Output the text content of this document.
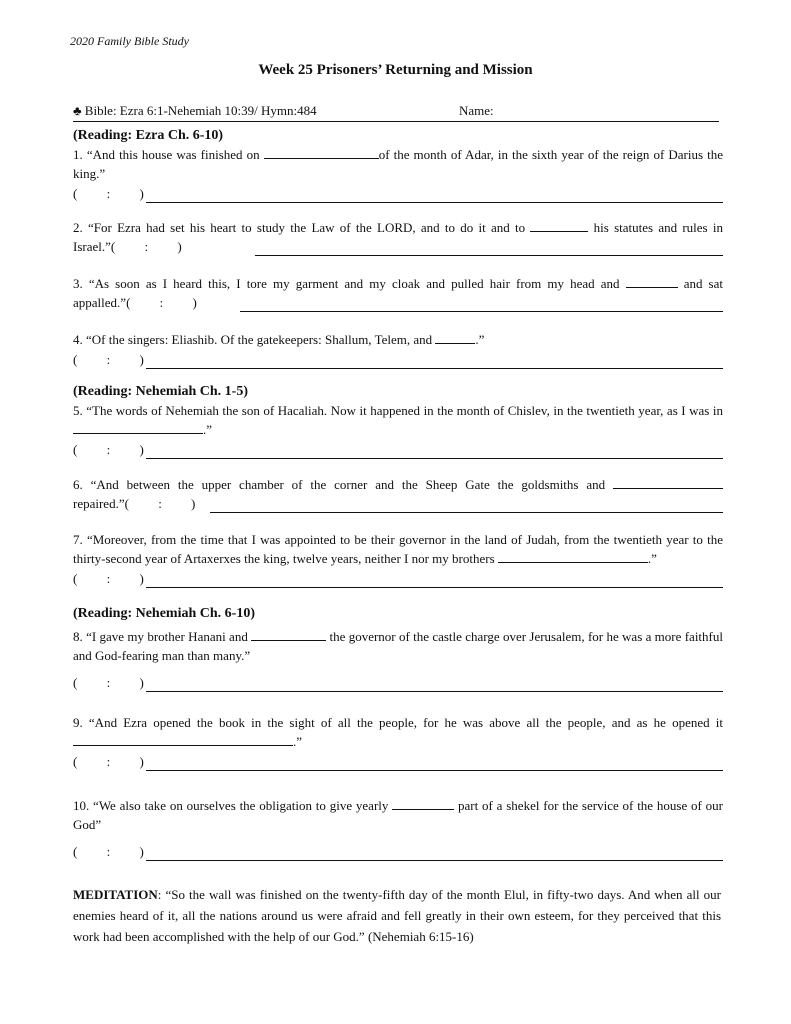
2020 Family Bible Study
Week 25 Prisoners’ Returning and Mission
♣ Bible: Ezra 6:1-Nehemiah 10:39/ Hymn:484	Name:
(Reading: Ezra Ch. 6-10)

1. “And this house was finished on	of the month of Adar, in the sixth year of the reign of Darius the king.”

(         :         )

2. “For Ezra had set his heart to study the Law of the LORD, and to do it and to	his statutes and rules in Israel.”(         :         )

3. “As soon as I heard this, I tore my garment and my cloak and pulled hair from my head and	and sat appalled.”(         :         )

4. “Of the singers: Eliashib. Of the gatekeepers: Shallum, Telem, and	.”

(         :         )
(Reading: Nehemiah Ch. 1-5)

5. “The words of Nehemiah the son of Hacaliah. Now it happened in the month of Chislev, in the twentieth year, as I was in .”

(         :         )

6. “And between the upper chamber of the corner and the Sheep Gate the goldsmiths and  repaired.”(         :         )

7. “Moreover, from the time that I was appointed to be their governor in the land of Judah, from the twentieth year to the thirty-second year of Artaxerxes the king, twelve years, neither I nor my brothers	.”

(         :         )
(Reading: Nehemiah Ch. 6-10)

8. “I gave my brother Hanani and	the governor of the castle charge over Jerusalem, for he was a more faithful and God-fearing man than many.”

(         :         )

9. “And Ezra opened the book in the sight of all the people, for he was above all the people, and as he opened it .”

(         :         )

10. “We also take on ourselves the obligation to give yearly	part of a shekel for the service of the house of our God”

(         :         )
MEDITATION: “So the wall was finished on the twenty-fifth day of the month Elul, in fifty-two days. And when all our enemies heard of it, all the nations around us were afraid and fell greatly in their own esteem, for they perceived that this work had been accomplished with the help of our God.” (Nehemiah 6:15-16)
